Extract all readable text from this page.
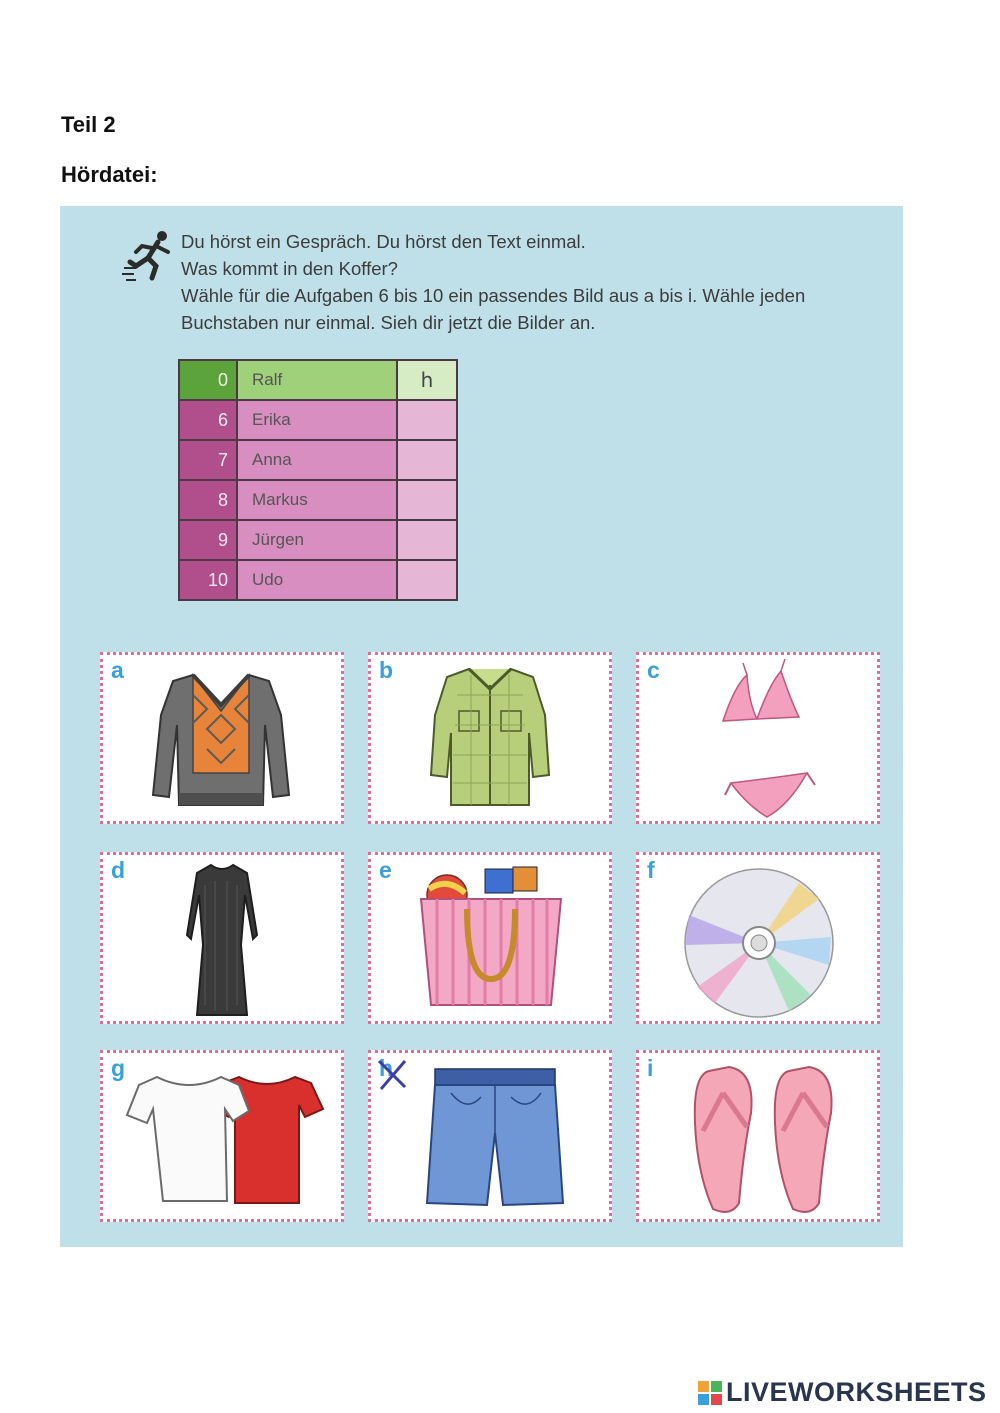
Teil 2
Hördatei:
Du hörst ein Gespräch. Du hörst den Text einmal.
Was kommt in den Koffer?
Wähle für die Aufgaben 6 bis 10 ein passendes Bild aus a bis i. Wähle jeden
Buchstaben nur einmal. Sieh dir jetzt die Bilder an.
0	Ralf	h
6	Erika	
7	Anna	
8	Markus	
9	Jürgen	
10	Udo	
a	b	c
d	e	f
g	h	i
LIVEWORKSHEETS
